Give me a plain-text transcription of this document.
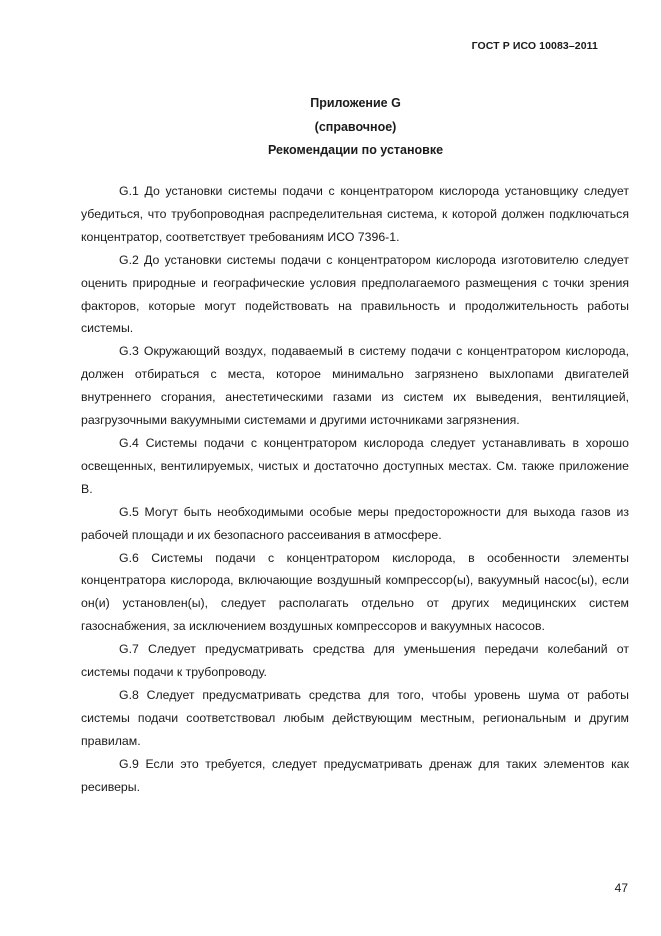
ГОСТ Р ИСО 10083–2011
Приложение G
(справочное)
Рекомендации по установке

G.1 До установки системы подачи с концентратором кислорода установщику следует убедиться, что трубопроводная распределительная система, к которой должен подключаться концентратор, соответствует требованиям ИСО 7396-1.

G.2 До установки системы подачи с концентратором кислорода изготовителю следует оценить природные и географические условия предполагаемого размещения с точки зрения факторов, которые могут подействовать на правильность и продолжительность работы системы.

G.3 Окружающий воздух, подаваемый в систему подачи с концентратором кислорода, должен отбираться с места, которое минимально загрязнено выхлопами двигателей внутреннего сгорания, анестетическими газами из систем их выведения, вентиляцией, разгрузочными вакуумными системами и другими источниками загрязнения.

G.4 Системы подачи с концентратором кислорода следует устанавливать в хорошо освещенных, вентилируемых, чистых и достаточно доступных местах. См. также приложение В.

G.5 Могут быть необходимыми особые меры предосторожности для выхода газов из рабочей площади и их безопасного рассеивания в атмосфере.

G.6 Системы подачи с концентратором кислорода, в особенности элементы концентратора кислорода, включающие воздушный компрессор(ы), вакуумный насос(ы), если он(и) установлен(ы), следует располагать отдельно от других медицинских систем газоснабжения, за исключением воздушных компрессоров и вакуумных насосов.

G.7 Следует предусматривать средства для уменьшения передачи колебаний от системы подачи к трубопроводу.

G.8 Следует предусматривать средства для того, чтобы уровень шума от работы системы подачи соответствовал любым действующим местным, региональным и другим правилам.

G.9 Если это требуется, следует предусматривать дренаж для таких элементов как ресиверы.

47
